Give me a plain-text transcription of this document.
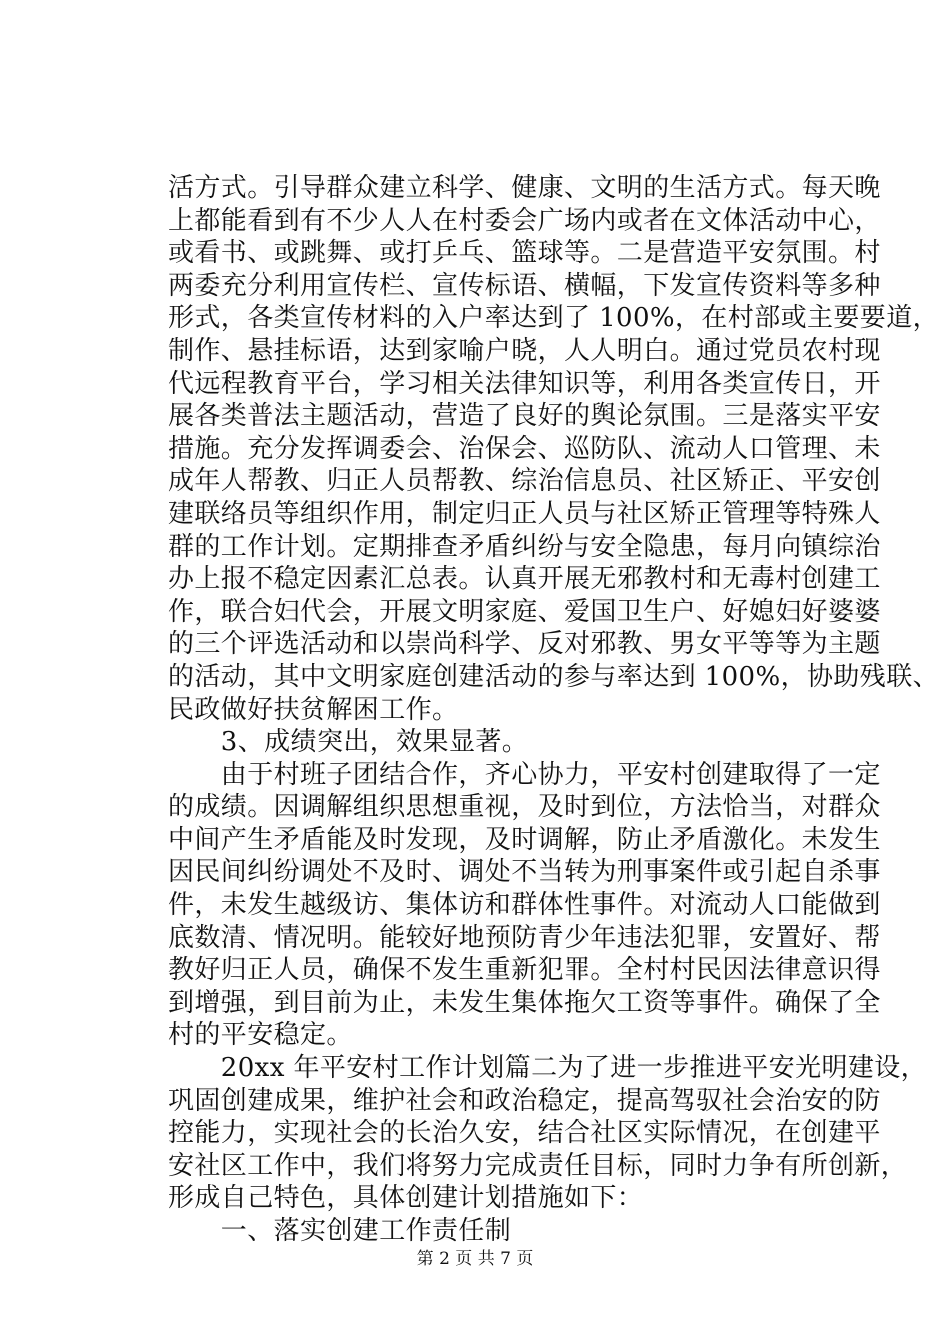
活方式。引导群众建立科学、健康、文明的生活方式。每天晚
上都能看到有不少人人在村委会广场内或者在文体活动中心，
或看书、或跳舞、或打乒乓、篮球等。二是营造平安氛围。村
两委充分利用宣传栏、宣传标语、横幅，下发宣传资料等多种
形式，各类宣传材料的入户率达到了 100%，在村部或主要要道，
制作、悬挂标语，达到家喻户晓，人人明白。通过党员农村现
代远程教育平台，学习相关法律知识等，利用各类宣传日，开
展各类普法主题活动，营造了良好的舆论氛围。三是落实平安
措施。充分发挥调委会、治保会、巡防队、流动人口管理、未
成年人帮教、归正人员帮教、综治信息员、社区矫正、平安创
建联络员等组织作用，制定归正人员与社区矫正管理等特殊人
群的工作计划。定期排查矛盾纠纷与安全隐患，每月向镇综治
办上报不稳定因素汇总表。认真开展无邪教村和无毒村创建工
作，联合妇代会，开展文明家庭、爱国卫生户、好媳妇好婆婆
的三个评选活动和以崇尚科学、反对邪教、男女平等等为主题
的活动，其中文明家庭创建活动的参与率达到 100%，协助残联、
民政做好扶贫解困工作。
　　3、成绩突出，效果显著。
　　由于村班子团结合作，齐心协力，平安村创建取得了一定
的成绩。因调解组织思想重视，及时到位，方法恰当，对群众
中间产生矛盾能及时发现，及时调解，防止矛盾激化。未发生
因民间纠纷调处不及时、调处不当转为刑事案件或引起自杀事
件，未发生越级访、集体访和群体性事件。对流动人口能做到
底数清、情况明。能较好地预防青少年违法犯罪，安置好、帮
教好归正人员，确保不发生重新犯罪。全村村民因法律意识得
到增强，到目前为止，未发生集体拖欠工资等事件。确保了全
村的平安稳定。
　　20xx 年平安村工作计划篇二为了进一步推进平安光明建设，
巩固创建成果，维护社会和政治稳定，提高驾驭社会治安的防
控能力，实现社会的长治久安，结合社区实际情况，在创建平
安社区工作中，我们将努力完成责任目标，同时力争有所创新，
形成自己特色，具体创建计划措施如下：
　　一、落实创建工作责任制
第 2 页 共 7 页
